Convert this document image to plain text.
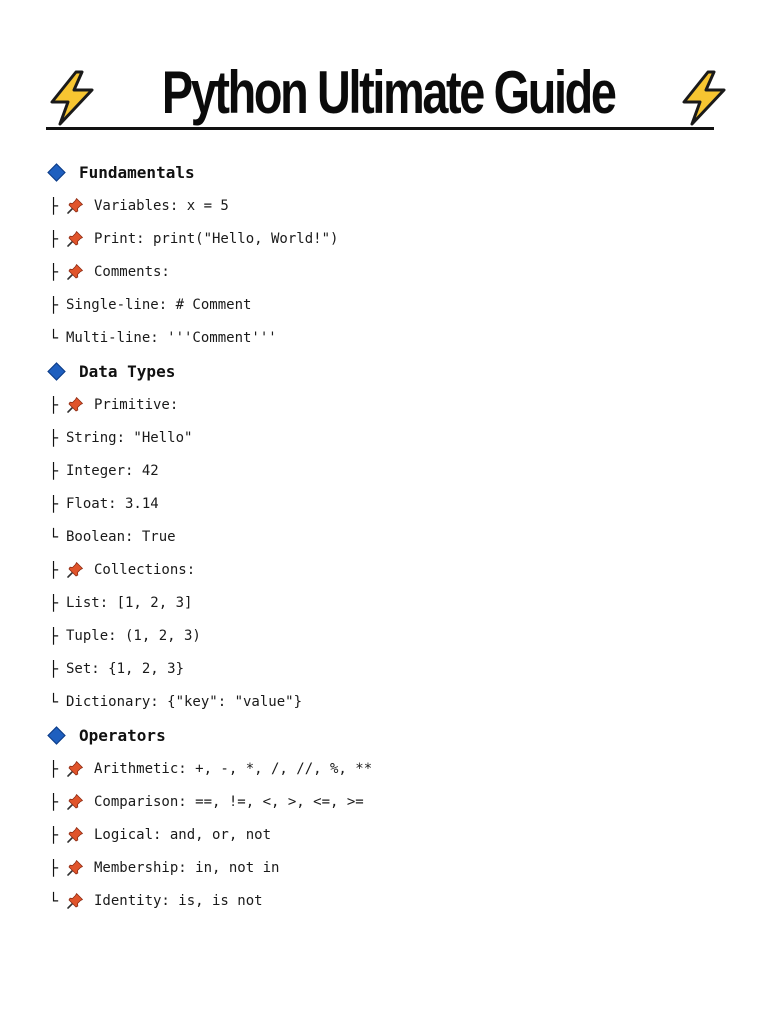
Python Ultimate Guide
Fundamentals
├	Variables: x = 5
├	Print: print("Hello, World!")
├	Comments:
├ Single-line: # Comment
└ Multi-line: '''Comment'''
Data Types
├	Primitive:
├ String: "Hello"
├ Integer: 42
├ Float: 3.14
└ Boolean: True
├	Collections:
├ List: [1, 2, 3]
├ Tuple: (1, 2, 3)
├ Set: {1, 2, 3}
└ Dictionary: {"key": "value"}
Operators
├	Arithmetic: +, -, *, /, //, %, **
├	Comparison: ==, !=, <, >, <=, >=
├	Logical: and, or, not
├	Membership: in, not in
└	Identity: is, is not
